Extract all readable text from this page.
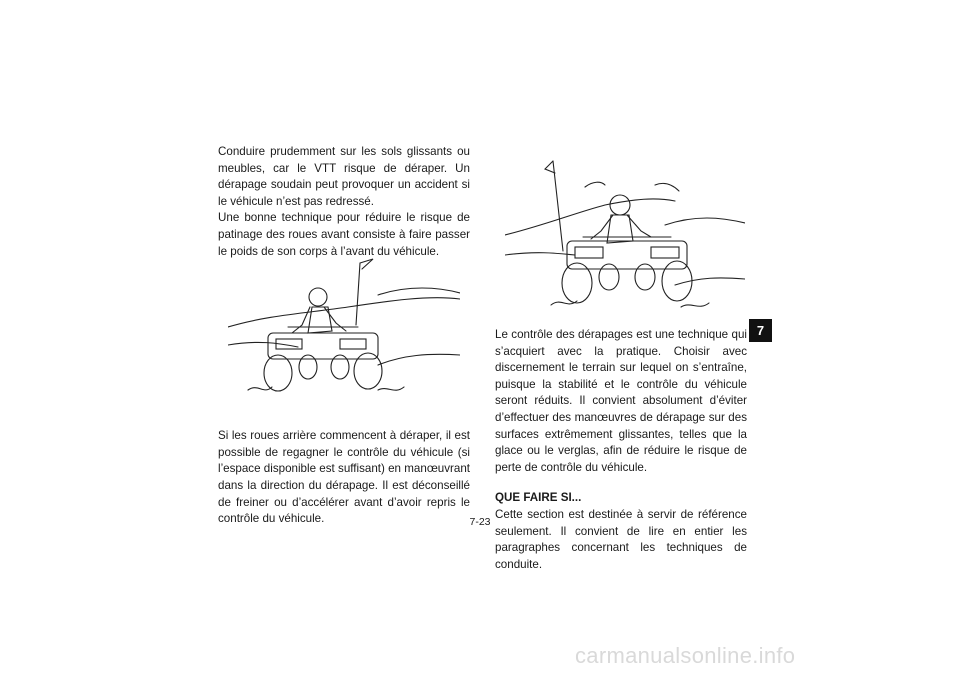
Conduire prudemment sur les sols glissants ou meubles, car le VTT risque de déraper. Un dérapage soudain peut provoquer un accident si le véhicule n’est pas redressé.

Une bonne technique pour réduire le risque de patinage des roues avant consiste à faire passer le poids de son corps à l’avant du véhicule.

Si les roues arrière commencent à déraper, il est possible de regagner le contrôle du véhicule (si l’espace disponible est suffisant) en manœuvrant dans la direction du dérapage. Il est déconseillé de freiner ou d’accélérer avant d’avoir repris le contrôle du véhicule.

Le contrôle des dérapages est une technique qui s’acquiert avec la pratique. Choisir avec discernement le terrain sur lequel on s’entraîne, puisque la stabilité et le contrôle du véhicule seront réduits. Il convient absolument d’éviter d’effectuer des manœuvres de dérapage sur des surfaces extrêmement glissantes, telles que la glace ou le verglas, afin de réduire le risque de perte de contrôle du véhicule.

QUE FAIRE SI...

Cette section est destinée à servir de référence seulement. Il convient de lire en entier les paragraphes concernant les techniques de conduite.

7-23
7
carmanualsonline.info
